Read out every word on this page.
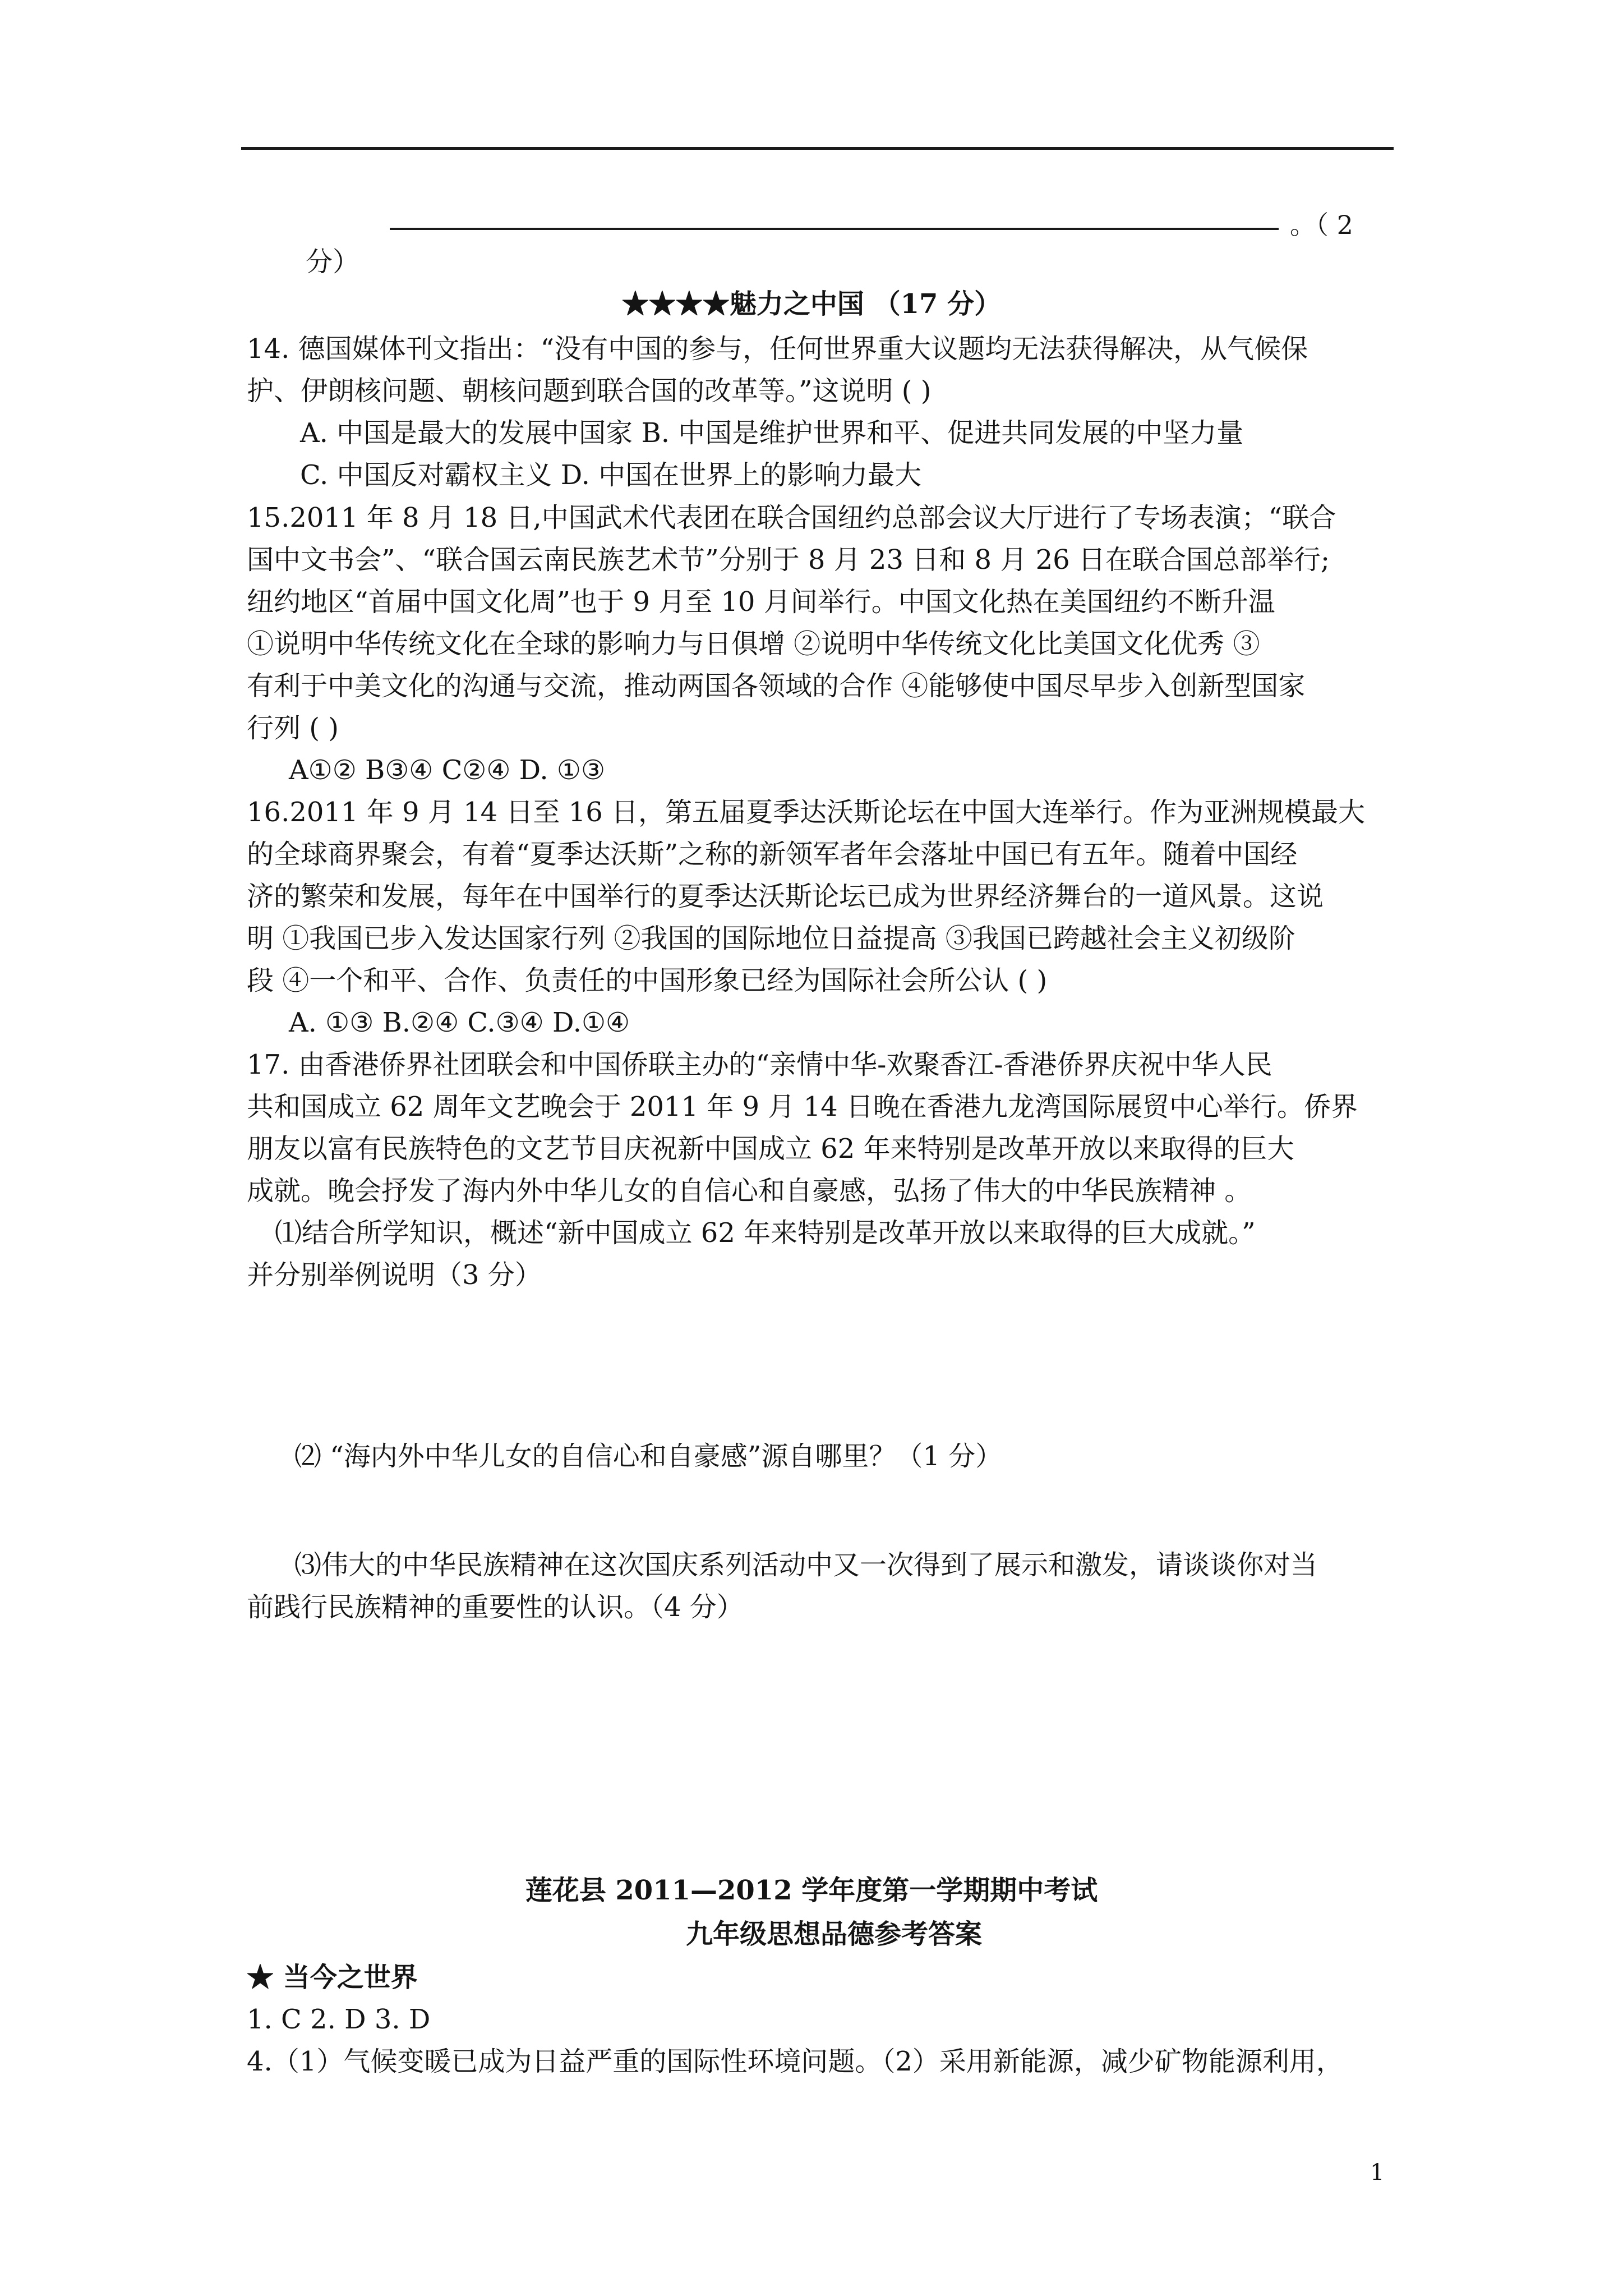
。（ 2
分）
★★★★魅力之中国 （17 分）
14. 德国媒体刊文指出：“没有中国的参与，任何世界重大议题均无法获得解决，从气候保
护、伊朗核问题、朝核问题到联合国的改革等。”这说明 ( )
A. 中国是最大的发展中国家 B. 中国是维护世界和平、促进共同发展的中坚力量
C. 中国反对霸权主义 D. 中国在世界上的影响力最大
15.2011 年 8 月 18 日,中国武术代表团在联合国纽约总部会议大厅进行了专场表演；“联合
国中文书会”、“联合国云南民族艺术节”分别于 8 月 23 日和 8 月 26 日在联合国总部举行;
纽约地区“首届中国文化周”也于 9 月至 10 月间举行。中国文化热在美国纽约不断升温
①说明中华传统文化在全球的影响力与日俱增 ②说明中华传统文化比美国文化优秀 ③
有利于中美文化的沟通与交流，推动两国各领域的合作 ④能够使中国尽早步入创新型国家
行列 ( )
A①② B③④ C②④ D. ①③
16.2011 年 9 月 14 日至 16 日，第五届夏季达沃斯论坛在中国大连举行。作为亚洲规模最大
的全球商界聚会，有着“夏季达沃斯”之称的新领军者年会落址中国已有五年。随着中国经
济的繁荣和发展，每年在中国举行的夏季达沃斯论坛已成为世界经济舞台的一道风景。这说
明 ①我国已步入发达国家行列 ②我国的国际地位日益提高 ③我国已跨越社会主义初级阶
段 ④一个和平、合作、负责任的中国形象已经为国际社会所公认 ( )
A. ①③ B.②④ C.③④ D.①④
17. 由香港侨界社团联会和中国侨联主办的“亲情中华-欢聚香江-香港侨界庆祝中华人民
共和国成立 62 周年文艺晚会于 2011 年 9 月 14 日晚在香港九龙湾国际展贸中心举行。侨界
朋友以富有民族特色的文艺节目庆祝新中国成立 62 年来特别是改革开放以来取得的巨大
成就。晚会抒发了海内外中华儿女的自信心和自豪感，弘扬了伟大的中华民族精神 。
⑴结合所学知识，概述“新中国成立 62 年来特别是改革开放以来取得的巨大成就。”
并分别举例说明（3 分）
⑵ “海内外中华儿女的自信心和自豪感”源自哪里？（1 分）
⑶伟大的中华民族精神在这次国庆系列活动中又一次得到了展示和激发，请谈谈你对当
前践行民族精神的重要性的认识。（4 分）
莲花县 2011—2012 学年度第一学期期中考试
九年级思想品德参考答案
★ 当今之世界
1. C 2. D 3. D
4.（1）气候变暖已成为日益严重的国际性环境问题。（2）采用新能源，减少矿物能源利用，
1
